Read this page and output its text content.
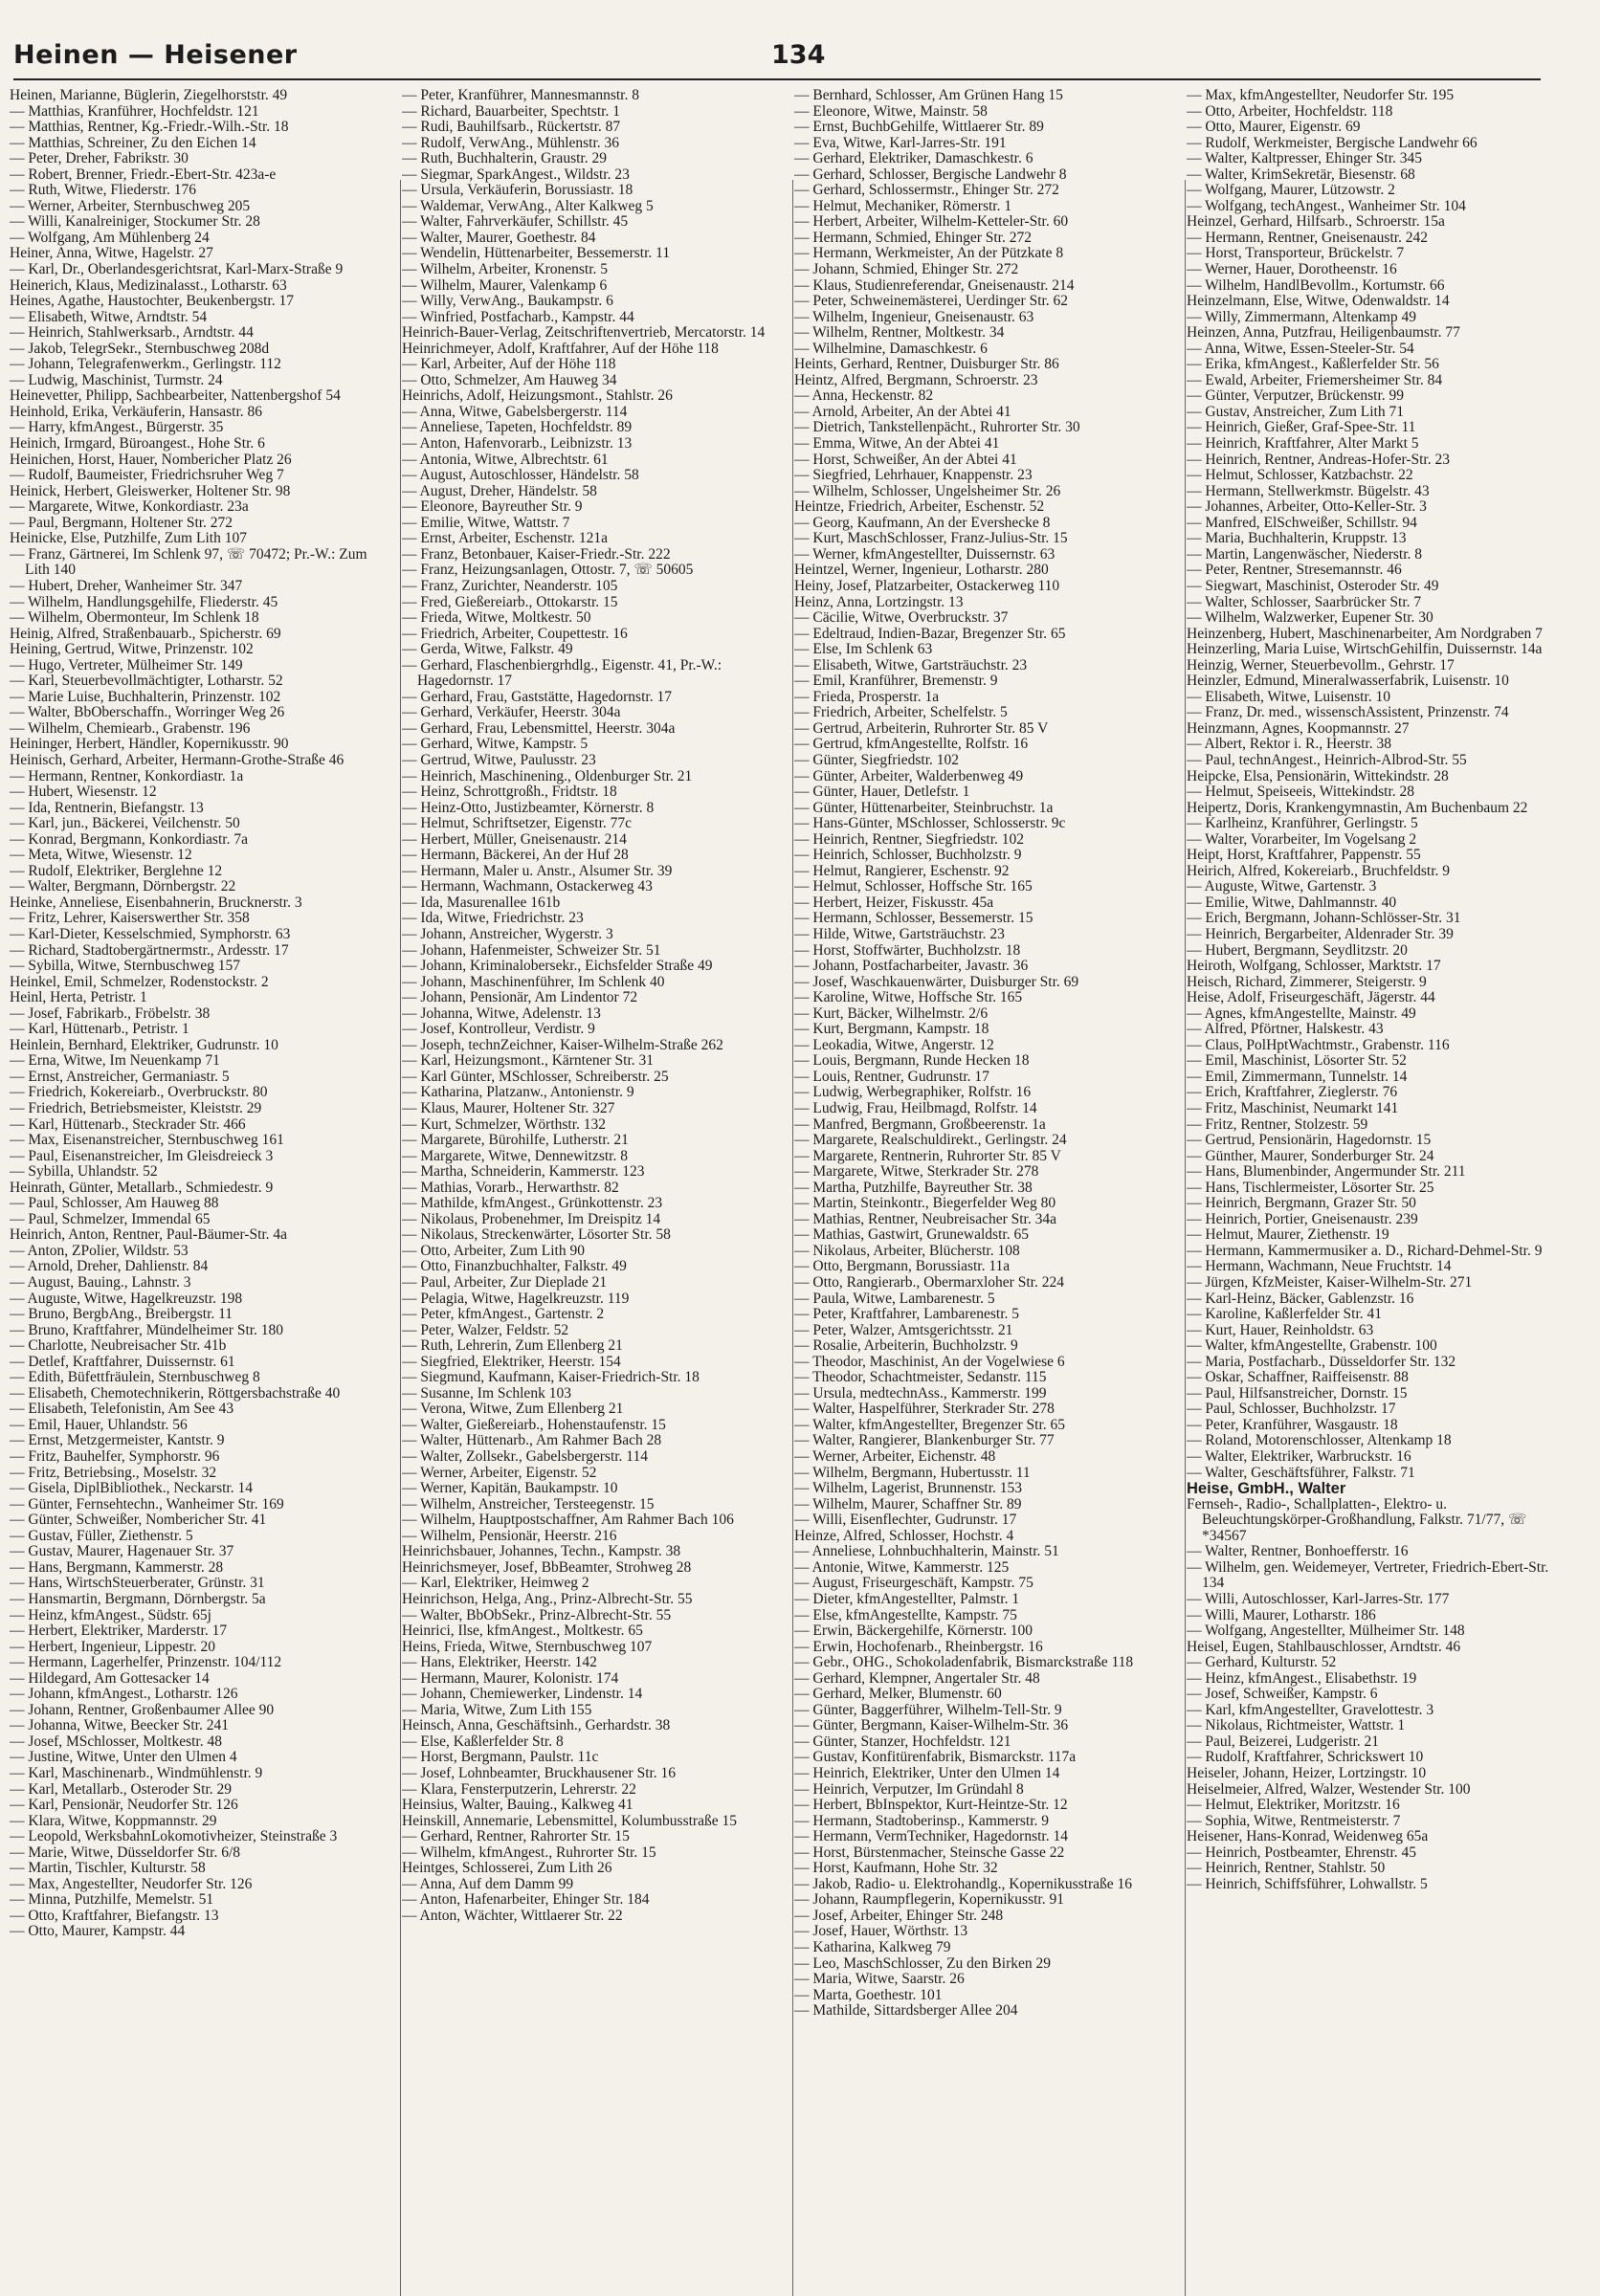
Heinen — Heisener	134
Heinen, Marianne, Büglerin, Ziegelhorststr. 49
— Matthias, Kranführer, Hochfeldstr. 121
— Matthias, Rentner, Kg.-Friedr.-Wilh.-Str. 18
— Matthias, Schreiner, Zu den Eichen 14
— Peter, Dreher, Fabrikstr. 30
— Robert, Brenner, Friedr.-Ebert-Str. 423a-e
— Ruth, Witwe, Fliederstr. 176
— Werner, Arbeiter, Sternbuschweg 205
— Willi, Kanalreiniger, Stockumer Str. 28
— Wolfgang, Am Mühlenberg 24
Heiner, Anna, Witwe, Hagelstr. 27
— Karl, Dr., Oberlandesgerichtsrat, Karl-Marx-Straße 9
Heinerich, Klaus, Medizinalasst., Lotharstr. 63
Heines, Agathe, Haustochter, Beukenbergstr. 17
— Elisabeth, Witwe, Arndtstr. 54
— Heinrich, Stahlwerksarb., Arndtstr. 44
— Jakob, TelegrSekr., Sternbuschweg 208d
— Johann, Telegrafenwerkm., Gerlingstr. 112
— Ludwig, Maschinist, Turmstr. 24
Heinevetter, Philipp, Sachbearbeiter, Nattenbergshof 54
Heinhold, Erika, Verkäuferin, Hansastr. 86
— Harry, kfmAngest., Bürgerstr. 35
Heinich, Irmgard, Büroangest., Hohe Str. 6
Heinichen, Horst, Hauer, Nombericher Platz 26
— Rudolf, Baumeister, Friedrichsruher Weg 7
Heinick, Herbert, Gleiswerker, Holtener Str. 98
— Margarete, Witwe, Konkordiastr. 23a
— Paul, Bergmann, Holtener Str. 272
Heinicke, Else, Putzhilfe, Zum Lith 107
— Franz, Gärtnerei, Im Schlenk 97, ☏ 70472; Pr.-W.: Zum Lith 140
— Hubert, Dreher, Wanheimer Str. 347
— Wilhelm, Handlungsgehilfe, Fliederstr. 45
— Wilhelm, Obermonteur, Im Schlenk 18
Heinig, Alfred, Straßenbauarb., Spicherstr. 69
Heining, Gertrud, Witwe, Prinzenstr. 102
— Hugo, Vertreter, Mülheimer Str. 149
— Karl, Steuerbevollmächtigter, Lotharstr. 52
— Marie Luise, Buchhalterin, Prinzenstr. 102
— Walter, BbOberschaffn., Worringer Weg 26
— Wilhelm, Chemiearb., Grabenstr. 196
Heininger, Herbert, Händler, Kopernikusstr. 90
Heinisch, Gerhard, Arbeiter, Hermann-Grothe-Straße 46
— Hermann, Rentner, Konkordiastr. 1a
— Hubert, Wiesenstr. 12
— Ida, Rentnerin, Biefangstr. 13
— Karl, jun., Bäckerei, Veilchenstr. 50
— Konrad, Bergmann, Konkordiastr. 7a
— Meta, Witwe, Wiesenstr. 12
— Rudolf, Elektriker, Berglehne 12
— Walter, Bergmann, Dörnbergstr. 22
Heinke, Anneliese, Eisenbahnerin, Brucknerstr. 3
— Fritz, Lehrer, Kaiserswerther Str. 358
— Karl-Dieter, Kesselschmied, Symphorstr. 63
— Richard, Stadtobergärtnermstr., Ardesstr. 17
— Sybilla, Witwe, Sternbuschweg 157
Heinkel, Emil, Schmelzer, Rodenstockstr. 2
Heinl, Herta, Petristr. 1
— Josef, Fabrikarb., Fröbelstr. 38
— Karl, Hüttenarb., Petristr. 1
Heinlein, Bernhard, Elektriker, Gudrunstr. 10
— Erna, Witwe, Im Neuenkamp 71
— Ernst, Anstreicher, Germaniastr. 5
— Friedrich, Kokereiarb., Overbruckstr. 80
— Friedrich, Betriebsmeister, Kleiststr. 29
— Karl, Hüttenarb., Steckrader Str. 466
— Max, Eisenanstreicher, Sternbuschweg 161
— Paul, Eisenanstreicher, Im Gleisdreieck 3
— Sybilla, Uhlandstr. 52
Heinrath, Günter, Metallarb., Schmiedestr. 9
— Paul, Schlosser, Am Hauweg 88
— Paul, Schmelzer, Immendal 65
Heinrich, Anton, Rentner, Paul-Bäumer-Str. 4a
— Anton, ZPolier, Wildstr. 53
— Arnold, Dreher, Dahlienstr. 84
— August, Bauing., Lahnstr. 3
— Auguste, Witwe, Hagelkreuzstr. 198
— Bruno, BergbAng., Breibergstr. 11
— Bruno, Kraftfahrer, Mündelheimer Str. 180
— Charlotte, Neubreisacher Str. 41b
— Detlef, Kraftfahrer, Duissernstr. 61
— Edith, Büfettfräulein, Sternbuschweg 8
— Elisabeth, Chemotechnikerin, Röttgersbachstraße 40
— Elisabeth, Telefonistin, Am See 43
— Emil, Hauer, Uhlandstr. 56
— Ernst, Metzgermeister, Kantstr. 9
— Fritz, Bauhelfer, Symphorstr. 96
— Fritz, Betriebsing., Moselstr. 32
— Gisela, DiplBibliothek., Neckarstr. 14
— Günter, Fernsehtechn., Wanheimer Str. 169
— Günter, Schweißer, Nombericher Str. 41
— Gustav, Füller, Ziethenstr. 5
— Gustav, Maurer, Hagenauer Str. 37
— Hans, Bergmann, Kammerstr. 28
— Hans, WirtschSteuerberater, Grünstr. 31
— Hansmartin, Bergmann, Dörnbergstr. 5a
— Heinz, kfmAngest., Südstr. 65j
— Herbert, Elektriker, Marderstr. 17
— Herbert, Ingenieur, Lippestr. 20
— Hermann, Lagerhelfer, Prinzenstr. 104/112
— Hildegard, Am Gottesacker 14
— Johann, kfmAngest., Lotharstr. 126
— Johann, Rentner, Großenbaumer Allee 90
— Johanna, Witwe, Beecker Str. 241
— Josef, MSchlosser, Moltkestr. 48
— Justine, Witwe, Unter den Ulmen 4
— Karl, Maschinenarb., Windmühlenstr. 9
— Karl, Metallarb., Osteroder Str. 29
— Karl, Pensionär, Neudorfer Str. 126
— Klara, Witwe, Koppmannstr. 29
— Leopold, WerksbahnLokomotivheizer, Steinstraße 3
— Marie, Witwe, Düsseldorfer Str. 6/8
— Martin, Tischler, Kulturstr. 58
— Max, Angestellter, Neudorfer Str. 126
— Minna, Putzhilfe, Memelstr. 51
— Otto, Kraftfahrer, Biefangstr. 13
— Otto, Maurer, Kampstr. 44
— Peter, Kranführer, Mannesmannstr. 8
— Richard, Bauarbeiter, Spechtstr. 1
— Rudi, Bauhilfsarb., Rückertstr. 87
— Rudolf, VerwAng., Mühlenstr. 36
— Ruth, Buchhalterin, Graustr. 29
— Siegmar, SparkAngest., Wildstr. 23
— Ursula, Verkäuferin, Borussiastr. 18
— Waldemar, VerwAng., Alter Kalkweg 5
— Walter, Fahrverkäufer, Schillstr. 45
— Walter, Maurer, Goethestr. 84
— Wendelin, Hüttenarbeiter, Bessemerstr. 11
— Wilhelm, Arbeiter, Kronenstr. 5
— Wilhelm, Maurer, Valenkamp 6
— Willy, VerwAng., Baukampstr. 6
— Winfried, Postfacharb., Kampstr. 44
Heinrich-Bauer-Verlag, Zeitschriftenvertrieb, Mercatorstr. 14
Heinrichmeyer, Adolf, Kraftfahrer, Auf der Höhe 118
— Karl, Arbeiter, Auf der Höhe 118
— Otto, Schmelzer, Am Hauweg 34
Heinrichs, Adolf, Heizungsmont., Stahlstr. 26
— Anna, Witwe, Gabelsbergerstr. 114
— Anneliese, Tapeten, Hochfeldstr. 89
— Anton, Hafenvorarb., Leibnizstr. 13
— Antonia, Witwe, Albrechtstr. 61
— August, Autoschlosser, Händelstr. 58
— August, Dreher, Händelstr. 58
— Eleonore, Bayreuther Str. 9
— Emilie, Witwe, Wattstr. 7
— Ernst, Arbeiter, Eschenstr. 121a
— Franz, Betonbauer, Kaiser-Friedr.-Str. 222
— Franz, Heizungsanlagen, Ottostr. 7, ☏ 50605
— Franz, Zurichter, Neanderstr. 105
— Fred, Gießereiarb., Ottokarstr. 15
— Frieda, Witwe, Moltkestr. 50
— Friedrich, Arbeiter, Coupettestr. 16
— Gerda, Witwe, Falkstr. 49
— Gerhard, Flaschenbiergrhdlg., Eigenstr. 41, Pr.-W.: Hagedornstr. 17
— Gerhard, Frau, Gaststätte, Hagedornstr. 17
— Gerhard, Verkäufer, Heerstr. 304a
— Gerhard, Frau, Lebensmittel, Heerstr. 304a
— Gerhard, Witwe, Kampstr. 5
— Gertrud, Witwe, Paulusstr. 23
— Heinrich, Maschinening., Oldenburger Str. 21
— Heinz, Schrottgroßh., Fridtstr. 18
— Heinz-Otto, Justizbeamter, Körnerstr. 8
— Helmut, Schriftsetzer, Eigenstr. 77c
— Herbert, Müller, Gneisenaustr. 214
— Hermann, Bäckerei, An der Huf 28
— Hermann, Maler u. Anstr., Alsumer Str. 39
— Hermann, Wachmann, Ostackerweg 43
— Ida, Masurenallee 161b
— Ida, Witwe, Friedrichstr. 23
— Johann, Anstreicher, Wygerstr. 3
— Johann, Hafenmeister, Schweizer Str. 51
— Johann, Kriminalobersekr., Eichsfelder Straße 49
— Johann, Maschinenführer, Im Schlenk 40
— Johann, Pensionär, Am Lindentor 72
— Johanna, Witwe, Adelenstr. 13
— Josef, Kontrolleur, Verdistr. 9
— Joseph, technZeichner, Kaiser-Wilhelm-Straße 262
— Karl, Heizungsmont., Kärntener Str. 31
— Karl Günter, MSchlosser, Schreiberstr. 25
— Katharina, Platzanw., Antonienstr. 9
— Klaus, Maurer, Holtener Str. 327
— Kurt, Schmelzer, Wörthstr. 132
— Margarete, Bürohilfe, Lutherstr. 21
— Margarete, Witwe, Dennewitzstr. 8
— Martha, Schneiderin, Kammerstr. 123
— Mathias, Vorarb., Herwarthstr. 82
— Mathilde, kfmAngest., Grünkottenstr. 23
— Nikolaus, Probenehmer, Im Dreispitz 14
— Nikolaus, Streckenwärter, Lösorter Str. 58
— Otto, Arbeiter, Zum Lith 90
— Otto, Finanzbuchhalter, Falkstr. 49
— Paul, Arbeiter, Zur Dieplade 21
— Pelagia, Witwe, Hagelkreuzstr. 119
— Peter, kfmAngest., Gartenstr. 2
— Peter, Walzer, Feldstr. 52
— Ruth, Lehrerin, Zum Ellenberg 21
— Siegfried, Elektriker, Heerstr. 154
— Siegmund, Kaufmann, Kaiser-Friedrich-Str. 18
— Susanne, Im Schlenk 103
— Verona, Witwe, Zum Ellenberg 21
— Walter, Gießereiarb., Hohenstaufenstr. 15
— Walter, Hüttenarb., Am Rahmer Bach 28
— Walter, Zollsekr., Gabelsbergerstr. 114
— Werner, Arbeiter, Eigenstr. 52
— Werner, Kapitän, Baukampstr. 10
— Wilhelm, Anstreicher, Tersteegenstr. 15
— Wilhelm, Hauptpostschaffner, Am Rahmer Bach 106
— Wilhelm, Pensionär, Heerstr. 216
Heinrichsbauer, Johannes, Techn., Kampstr. 38
Heinrichsmeyer, Josef, BbBeamter, Strohweg 28
— Karl, Elektriker, Heimweg 2
Heinrichson, Helga, Ang., Prinz-Albrecht-Str. 55
— Walter, BbObSekr., Prinz-Albrecht-Str. 55
Heinrici, Ilse, kfmAngest., Moltkestr. 65
Heins, Frieda, Witwe, Sternbuschweg 107
— Hans, Elektriker, Heerstr. 142
— Hermann, Maurer, Kolonistr. 174
— Johann, Chemiewerker, Lindenstr. 14
— Maria, Witwe, Zum Lith 155
Heinsch, Anna, Geschäftsinh., Gerhardstr. 38
— Else, Kaßlerfelder Str. 8
— Horst, Bergmann, Paulstr. 11c
— Josef, Lohnbeamter, Bruckhausener Str. 16
— Klara, Fensterputzerin, Lehrerstr. 22
Heinsius, Walter, Bauing., Kalkweg 41
Heinskill, Annemarie, Lebensmittel, Kolumbusstraße 15
— Gerhard, Rentner, Rahrorter Str. 15
— Wilhelm, kfmAngest., Ruhrorter Str. 15
Heintges, Schlosserei, Zum Lith 26
— Anna, Auf dem Damm 99
— Anton, Hafenarbeiter, Ehinger Str. 184
— Anton, Wächter, Wittlaerer Str. 22
— Bernhard, Schlosser, Am Grünen Hang 15
— Eleonore, Witwe, Mainstr. 58
— Ernst, BuchbGehilfe, Wittlaerer Str. 89
— Eva, Witwe, Karl-Jarres-Str. 191
— Gerhard, Elektriker, Damaschkestr. 6
— Gerhard, Schlosser, Bergische Landwehr 8
— Gerhard, Schlossermstr., Ehinger Str. 272
— Helmut, Mechaniker, Römerstr. 1
— Herbert, Arbeiter, Wilhelm-Ketteler-Str. 60
— Hermann, Schmied, Ehinger Str. 272
— Hermann, Werkmeister, An der Pützkate 8
— Johann, Schmied, Ehinger Str. 272
— Klaus, Studienreferendar, Gneisenaustr. 214
— Peter, Schweinemästerei, Uerdinger Str. 62
— Wilhelm, Ingenieur, Gneisenaustr. 63
— Wilhelm, Rentner, Moltkestr. 34
— Wilhelmine, Damaschkestr. 6
Heints, Gerhard, Rentner, Duisburger Str. 86
Heintz, Alfred, Bergmann, Schroerstr. 23
— Anna, Heckenstr. 82
— Arnold, Arbeiter, An der Abtei 41
— Dietrich, Tankstellenpächt., Ruhrorter Str. 30
— Emma, Witwe, An der Abtei 41
— Horst, Schweißer, An der Abtei 41
— Siegfried, Lehrhauer, Knappenstr. 23
— Wilhelm, Schlosser, Ungelsheimer Str. 26
Heintze, Friedrich, Arbeiter, Eschenstr. 52
— Georg, Kaufmann, An der Evershecke 8
— Kurt, MaschSchlosser, Franz-Julius-Str. 15
— Werner, kfmAngestellter, Duissernstr. 63
Heintzel, Werner, Ingenieur, Lotharstr. 280
Heiny, Josef, Platzarbeiter, Ostackerweg 110
Heinz, Anna, Lortzingstr. 13
— Cäcilie, Witwe, Overbruckstr. 37
— Edeltraud, Indien-Bazar, Bregenzer Str. 65
— Else, Im Schlenk 63
— Elisabeth, Witwe, Gartsträuchstr. 23
— Emil, Kranführer, Bremenstr. 9
— Frieda, Prosperstr. 1a
— Friedrich, Arbeiter, Schelfelstr. 5
— Gertrud, Arbeiterin, Ruhrorter Str. 85 V
— Gertrud, kfmAngestellte, Rolfstr. 16
— Günter, Siegfriedstr. 102
— Günter, Arbeiter, Walderbenweg 49
— Günter, Hauer, Detlefstr. 1
— Günter, Hüttenarbeiter, Steinbruchstr. 1a
— Hans-Günter, MSchlosser, Schlosserstr. 9c
— Heinrich, Rentner, Siegfriedstr. 102
— Heinrich, Schlosser, Buchholzstr. 9
— Helmut, Rangierer, Eschenstr. 92
— Helmut, Schlosser, Hoffsche Str. 165
— Herbert, Heizer, Fiskusstr. 45a
— Hermann, Schlosser, Bessemerstr. 15
— Hilde, Witwe, Gartsträuchstr. 23
— Horst, Stoffwärter, Buchholzstr. 18
— Johann, Postfacharbeiter, Javastr. 36
— Josef, Waschkauenwärter, Duisburger Str. 69
— Karoline, Witwe, Hoffsche Str. 165
— Kurt, Bäcker, Wilhelmstr. 2/6
— Kurt, Bergmann, Kampstr. 18
— Leokadia, Witwe, Angerstr. 12
— Louis, Bergmann, Runde Hecken 18
— Louis, Rentner, Gudrunstr. 17
— Ludwig, Werbegraphiker, Rolfstr. 16
— Ludwig, Frau, Heilbmagd, Rolfstr. 14
— Manfred, Bergmann, Großbeerenstr. 1a
— Margarete, Realschuldirekt., Gerlingstr. 24
— Margarete, Rentnerin, Ruhrorter Str. 85 V
— Margarete, Witwe, Sterkrader Str. 278
— Martha, Putzhilfe, Bayreuther Str. 38
— Martin, Steinkontr., Biegerfelder Weg 80
— Mathias, Rentner, Neubreisacher Str. 34a
— Mathias, Gastwirt, Grunewaldstr. 65
— Nikolaus, Arbeiter, Blücherstr. 108
— Otto, Bergmann, Borussiastr. 11a
— Otto, Rangierarb., Obermarxloher Str. 224
— Paula, Witwe, Lambarenestr. 5
— Peter, Kraftfahrer, Lambarenestr. 5
— Peter, Walzer, Amtsgerichtsstr. 21
— Rosalie, Arbeiterin, Buchholzstr. 9
— Theodor, Maschinist, An der Vogelwiese 6
— Theodor, Schachtmeister, Sedanstr. 115
— Ursula, medtechnAss., Kammerstr. 199
— Walter, Haspelführer, Sterkrader Str. 278
— Walter, kfmAngestellter, Bregenzer Str. 65
— Walter, Rangierer, Blankenburger Str. 77
— Werner, Arbeiter, Eichenstr. 48
— Wilhelm, Bergmann, Hubertusstr. 11
— Wilhelm, Lagerist, Brunnenstr. 153
— Wilhelm, Maurer, Schaffner Str. 89
— Willi, Eisenflechter, Gudrunstr. 17
Heinze, Alfred, Schlosser, Hochstr. 4
— Anneliese, Lohnbuchhalterin, Mainstr. 51
— Antonie, Witwe, Kammerstr. 125
— August, Friseurgeschäft, Kampstr. 75
— Dieter, kfmAngestellter, Palmstr. 1
— Else, kfmAngestellte, Kampstr. 75
— Erwin, Bäckergehilfe, Körnerstr. 100
— Erwin, Hochofenarb., Rheinbergstr. 16
— Gebr., OHG., Schokoladenfabrik, Bismarckstraße 118
— Gerhard, Klempner, Angertaler Str. 48
— Gerhard, Melker, Blumenstr. 60
— Günter, Baggerführer, Wilhelm-Tell-Str. 9
— Günter, Bergmann, Kaiser-Wilhelm-Str. 36
— Günter, Stanzer, Hochfeldstr. 121
— Gustav, Konfitürenfabrik, Bismarckstr. 117a
— Heinrich, Elektriker, Unter den Ulmen 14
— Heinrich, Verputzer, Im Gründahl 8
— Herbert, BbInspektor, Kurt-Heintze-Str. 12
— Hermann, Stadtoberinsp., Kammerstr. 9
— Hermann, VermTechniker, Hagedornstr. 14
— Horst, Bürstenmacher, Steinsche Gasse 22
— Horst, Kaufmann, Hohe Str. 32
— Jakob, Radio- u. Elektrohandlg., Kopernikusstraße 16
— Johann, Raumpflegerin, Kopernikusstr. 91
— Josef, Arbeiter, Ehinger Str. 248
— Josef, Hauer, Wörthstr. 13
— Katharina, Kalkweg 79
— Leo, MaschSchlosser, Zu den Birken 29
— Maria, Witwe, Saarstr. 26
— Marta, Goethestr. 101
— Mathilde, Sittardsberger Allee 204
— Max, kfmAngestellter, Neudorfer Str. 195
— Otto, Arbeiter, Hochfeldstr. 118
— Otto, Maurer, Eigenstr. 69
— Rudolf, Werkmeister, Bergische Landwehr 66
— Walter, Kaltpresser, Ehinger Str. 345
— Walter, KrimSekretär, Biesenstr. 68
— Wolfgang, Maurer, Lützowstr. 2
— Wolfgang, techAngest., Wanheimer Str. 104
Heinzel, Gerhard, Hilfsarb., Schroerstr. 15a
— Hermann, Rentner, Gneisenaustr. 242
— Horst, Transporteur, Brückelstr. 7
— Werner, Hauer, Dorotheenstr. 16
— Wilhelm, HandlBevollm., Kortumstr. 66
Heinzelmann, Else, Witwe, Odenwaldstr. 14
— Willy, Zimmermann, Altenkamp 49
Heinzen, Anna, Putzfrau, Heiligenbaumstr. 77
— Anna, Witwe, Essen-Steeler-Str. 54
— Erika, kfmAngest., Kaßlerfelder Str. 56
— Ewald, Arbeiter, Friemersheimer Str. 84
— Günter, Verputzer, Brückenstr. 99
— Gustav, Anstreicher, Zum Lith 71
— Heinrich, Gießer, Graf-Spee-Str. 11
— Heinrich, Kraftfahrer, Alter Markt 5
— Heinrich, Rentner, Andreas-Hofer-Str. 23
— Helmut, Schlosser, Katzbachstr. 22
— Hermann, Stellwerkmstr. Bügelstr. 43
— Johannes, Arbeiter, Otto-Keller-Str. 3
— Manfred, ElSchweißer, Schillstr. 94
— Maria, Buchhalterin, Kruppstr. 13
— Martin, Langenwäscher, Niederstr. 8
— Peter, Rentner, Stresemannstr. 46
— Siegwart, Maschinist, Osteroder Str. 49
— Walter, Schlosser, Saarbrücker Str. 7
— Wilhelm, Walzwerker, Eupener Str. 30
Heinzenberg, Hubert, Maschinenarbeiter, Am Nordgraben 7
Heinzerling, Maria Luise, WirtschGehilfin, Duissernstr. 14a
Heinzig, Werner, Steuerbevollm., Gehrstr. 17
Heinzler, Edmund, Mineralwasserfabrik, Luisenstr. 10
— Elisabeth, Witwe, Luisenstr. 10
— Franz, Dr. med., wissenschAssistent, Prinzenstr. 74
Heinzmann, Agnes, Koopmannstr. 27
— Albert, Rektor i. R., Heerstr. 38
— Paul, technAngest., Heinrich-Albrod-Str. 55
Heipcke, Elsa, Pensionärin, Wittekindstr. 28
— Helmut, Speiseeis, Wittekindstr. 28
Heipertz, Doris, Krankengymnastin, Am Buchenbaum 22
— Karlheinz, Kranführer, Gerlingstr. 5
— Walter, Vorarbeiter, Im Vogelsang 2
Heipt, Horst, Kraftfahrer, Pappenstr. 55
Heirich, Alfred, Kokereiarb., Bruchfeldstr. 9
— Auguste, Witwe, Gartenstr. 3
— Emilie, Witwe, Dahlmannstr. 40
— Erich, Bergmann, Johann-Schlösser-Str. 31
— Heinrich, Bergarbeiter, Aldenrader Str. 39
— Hubert, Bergmann, Seydlitzstr. 20
Heiroth, Wolfgang, Schlosser, Marktstr. 17
Heisch, Richard, Zimmerer, Steigerstr. 9
Heise, Adolf, Friseurgeschäft, Jägerstr. 44
— Agnes, kfmAngestellte, Mainstr. 49
— Alfred, Pförtner, Halskestr. 43
— Claus, PolHptWachtmstr., Grabenstr. 116
— Emil, Maschinist, Lösorter Str. 52
— Emil, Zimmermann, Tunnelstr. 14
— Erich, Kraftfahrer, Zieglerstr. 76
— Fritz, Maschinist, Neumarkt 141
— Fritz, Rentner, Stolzestr. 59
— Gertrud, Pensionärin, Hagedornstr. 15
— Günther, Maurer, Sonderburger Str. 24
— Hans, Blumenbinder, Angermunder Str. 211
— Hans, Tischlermeister, Lösorter Str. 25
— Heinrich, Bergmann, Grazer Str. 50
— Heinrich, Portier, Gneisenaustr. 239
— Helmut, Maurer, Ziethenstr. 19
— Hermann, Kammermusiker a. D., Richard-Dehmel-Str. 9
— Hermann, Wachmann, Neue Fruchtstr. 14
— Jürgen, KfzMeister, Kaiser-Wilhelm-Str. 271
— Karl-Heinz, Bäcker, Gablenzstr. 16
— Karoline, Kaßlerfelder Str. 41
— Kurt, Hauer, Reinholdstr. 63
— Walter, kfmAngestellte, Grabenstr. 100
— Maria, Postfacharb., Düsseldorfer Str. 132
— Oskar, Schaffner, Raiffeisenstr. 88
— Paul, Hilfsanstreicher, Dornstr. 15
— Paul, Schlosser, Buchholzstr. 17
— Peter, Kranführer, Wasgaustr. 18
— Roland, Motorenschlosser, Altenkamp 18
— Walter, Elektriker, Warbruckstr. 16
— Walter, Geschäftsführer, Falkstr. 71
Heise, GmbH., Walter
Fernseh-, Radio-, Schallplatten-, Elektro- u. Beleuchtungskörper-Großhandlung, Falkstr. 71/77, ☏ *34567
— Walter, Rentner, Bonhoefferstr. 16
— Wilhelm, gen. Weidemeyer, Vertreter, Friedrich-Ebert-Str. 134
— Willi, Autoschlosser, Karl-Jarres-Str. 177
— Willi, Maurer, Lotharstr. 186
— Wolfgang, Angestellter, Mülheimer Str. 148
Heisel, Eugen, Stahlbauschlosser, Arndtstr. 46
— Gerhard, Kulturstr. 52
— Heinz, kfmAngest., Elisabethstr. 19
— Josef, Schweißer, Kampstr. 6
— Karl, kfmAngestellter, Gravelottestr. 3
— Nikolaus, Richtmeister, Wattstr. 1
— Paul, Beizerei, Ludgeristr. 21
— Rudolf, Kraftfahrer, Schrickswert 10
Heiseler, Johann, Heizer, Lortzingstr. 10
Heiselmeier, Alfred, Walzer, Westender Str. 100
— Helmut, Elektriker, Moritzstr. 16
— Sophia, Witwe, Rentmeisterstr. 7
Heisener, Hans-Konrad, Weidenweg 65a
— Heinrich, Postbeamter, Ehrenstr. 45
— Heinrich, Rentner, Stahlstr. 50
— Heinrich, Schiffsführer, Lohwallstr. 5
